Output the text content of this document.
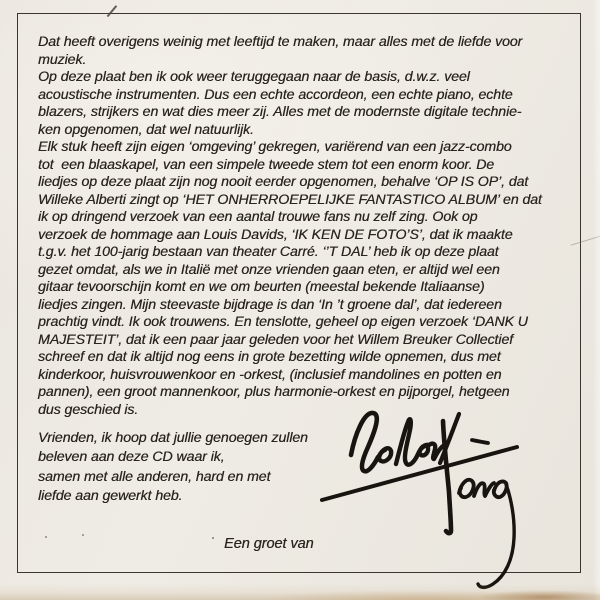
Dat heeft overigens weinig met leeftijd te maken, maar alles met de liefde voor
muziek.
Op deze plaat ben ik ook weer teruggegaan naar de basis, d.w.z. veel
acoustische instrumenten. Dus een echte accordeon, een echte piano, echte
blazers, strijkers en wat dies meer zij. Alles met de modernste digitale technie-
ken opgenomen, dat wel natuurlijk.
Elk stuk heeft zijn eigen ‘omgeving’ gekregen, variërend van een jazz-combo
tot  een blaaskapel, van een simpele tweede stem tot een enorm koor. De
liedjes op deze plaat zijn nog nooit eerder opgenomen, behalve ‘OP IS OP’, dat
Willeke Alberti zingt op ‘HET ONHERROEPELIJKE FANTASTICO ALBUM’ en dat
ik op dringend verzoek van een aantal trouwe fans nu zelf zing. Ook op
verzoek de hommage aan Louis Davids, ‘IK KEN DE FOTO’S’, dat ik maakte
t.g.v. het 100-jarig bestaan van theater Carré. ‘’T DAL’ heb ik op deze plaat
gezet omdat, als we in Italië met onze vrienden gaan eten, er altijd wel een
gitaar tevoorschijn komt en we om beurten (meestal bekende Italiaanse)
liedjes zingen. Mijn steevaste bijdrage is dan ‘In ’t groene dal’, dat iedereen
prachtig vindt. Ik ook trouwens. En tenslotte, geheel op eigen verzoek ‘DANK U
MAJESTEIT’, dat ik een paar jaar geleden voor het Willem Breuker Collectief
schreef en dat ik altijd nog eens in grote bezetting wilde opnemen, dus met
kinderkoor, huisvrouwenkoor en -orkest, (inclusief mandolines en potten en
pannen), een groot mannenkoor, plus harmonie-orkest en pijporgel, hetgeen
dus geschied is.
Vrienden, ik hoop dat jullie genoegen zullen
beleven aan deze CD waar ik,
samen met alle anderen, hard en met
liefde aan gewerkt heb.
Een groet van
